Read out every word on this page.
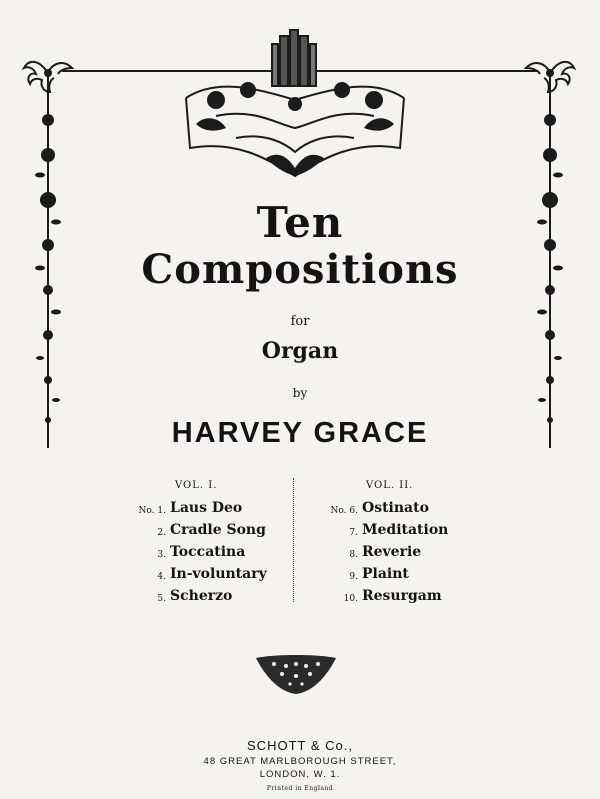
Ten
Compositions
for
Organ
by
HARVEY GRACE
VOL. I.
No. 1. Laus Deo
2. Cradle Song
3. Toccatina
4. In-voluntary
5. Scherzo
VOL. II.
No. 6. Ostinato
7. Meditation
8. Reverie
9. Plaint
10. Resurgam
SCHOTT & Co.,
48 GREAT MARLBOROUGH STREET,
LONDON, W. 1.
Printed in England
